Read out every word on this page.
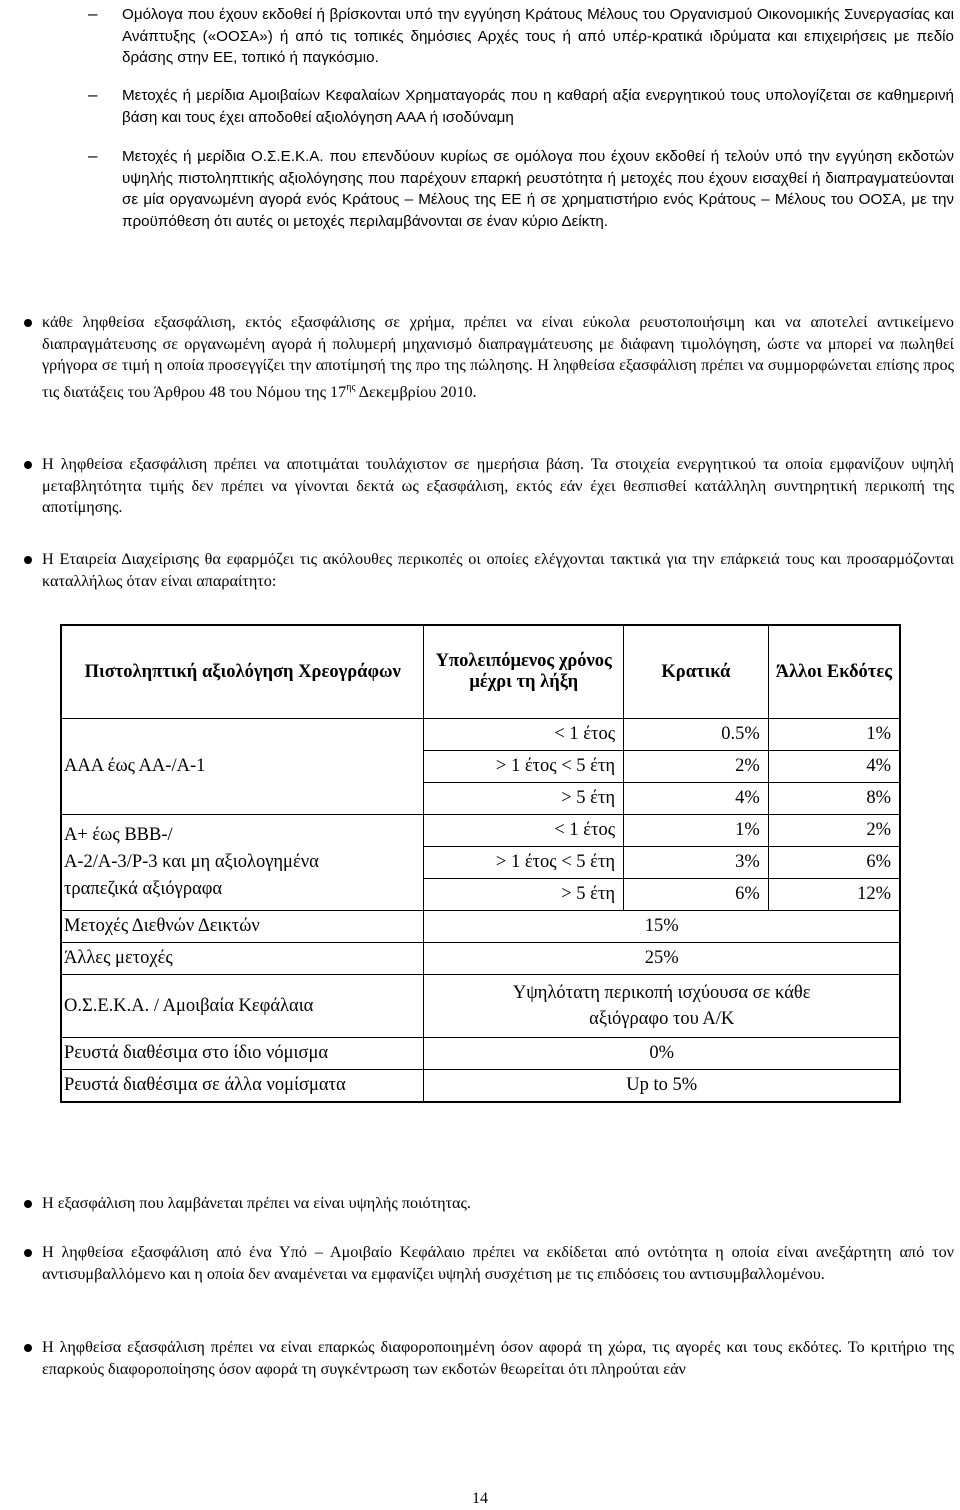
–	Ομόλογα που έχουν εκδοθεί ή βρίσκονται υπό την εγγύηση Κράτους Μέλους του Οργανισμού Οικονομικής Συνεργασίας και Ανάπτυξης («ΟΟΣΑ») ή από τις τοπικές δημόσιες Αρχές τους ή από υπέρ-κρατικά ιδρύματα και επιχειρήσεις με πεδίο δράσης στην ΕΕ, τοπικό ή παγκόσμιο.
–	Μετοχές ή μερίδια Αμοιβαίων Κεφαλαίων Χρηματαγοράς που η καθαρή αξία ενεργητικού τους υπολογίζεται σε καθημερινή βάση και τους έχει αποδοθεί αξιολόγηση ΑΑΑ ή ισοδύναμη
–	Μετοχές ή μερίδια Ο.Σ.Ε.Κ.Α. που επενδύουν κυρίως σε ομόλογα που έχουν εκδοθεί ή τελούν υπό την εγγύηση εκδοτών υψηλής πιστοληπτικής αξιολόγησης που παρέχουν επαρκή ρευστότητα ή μετοχές που έχουν εισαχθεί ή διαπραγματεύονται σε μία οργανωμένη αγορά ενός Κράτους – Μέλους της ΕΕ ή σε χρηματιστήριο ενός Κράτους – Μέλους του ΟΟΣΑ, με την προϋπόθεση ότι αυτές οι μετοχές περιλαμβάνονται σε έναν κύριο Δείκτη.
κάθε ληφθείσα εξασφάλιση, εκτός εξασφάλισης σε χρήμα, πρέπει να είναι εύκολα ρευστοποιήσιμη και να αποτελεί αντικείμενο διαπραγμάτευσης σε οργανωμένη αγορά ή πολυμερή μηχανισμό διαπραγμάτευσης με διάφανη τιμολόγηση, ώστε να μπορεί να πωληθεί γρήγορα σε τιμή η οποία προσεγγίζει την αποτίμησή της προ της πώλησης. Η ληφθείσα εξασφάλιση πρέπει να συμμορφώνεται επίσης προς τις διατάξεις του Άρθρου 48 του Νόμου της $17^{\eta\varsigma}$ Δεκεμβρίου 2010.
Η ληφθείσα εξασφάλιση πρέπει να αποτιμάται τουλάχιστον σε ημερήσια βάση. Τα στοιχεία ενεργητικού τα οποία εμφανίζουν υψηλή μεταβλητότητα τιμής δεν πρέπει να γίνονται δεκτά ως εξασφάλιση, εκτός εάν έχει θεσπισθεί κατάλληλη συντηρητική περικοπή της αποτίμησης.
Η Εταιρεία Διαχείρισης θα εφαρμόζει τις ακόλουθες περικοπές οι οποίες ελέγχονται τακτικά για την επάρκειά τους και προσαρμόζονται καταλλήλως όταν είναι απαραίτητο:
Πιστοληπτική αξιολόγηση Χρεογράφων	Υπολειπόμενος χρόνος μέχρι τη λήξη	Κρατικά	Άλλοι Εκδότες
ΑΑΑ έως ΑΑ-/Α-1	< 1 έτος	0.5%	1%
	> 1 έτος < 5 έτη	2%	4%
	> 5 έτη	4%	8%

Α+ έως ΒΒΒ-/
Α-2/Α-3/Ρ-3 και μη αξιολογημένα
τραπεζικά αξιόγραφα	< 1 έτος	1%	2%
	> 1 έτος < 5 έτη	3%	6%
	> 5 έτη	6%	12%
Μετοχές Διεθνών Δεικτών	15%		
Άλλες μετοχές	25%		
Ο.Σ.Ε.Κ.Α. / Αμοιβαία Κεφάλαια	Υψηλότατη περικοπή ισχύουσα σε κάθε αξιόγραφο του Α/Κ		
Ρευστά διαθέσιμα στο ίδιο νόμισμα	0%		
Ρευστά διαθέσιμα σε άλλα νομίσματα	Up to 5%		
Η εξασφάλιση που λαμβάνεται πρέπει να είναι υψηλής ποιότητας.
Η ληφθείσα εξασφάλιση από ένα Υπό – Αμοιβαίο Κεφάλαιο πρέπει να εκδίδεται από οντότητα η οποία είναι ανεξάρτητη από τον αντισυμβαλλόμενο και η οποία δεν αναμένεται να εμφανίζει υψηλή συσχέτιση με τις επιδόσεις του αντισυμβαλλομένου.
Η ληφθείσα εξασφάλιση πρέπει να είναι επαρκώς διαφοροποιημένη όσον αφορά τη χώρα, τις αγορές και τους εκδότες. Το κριτήριο της επαρκούς διαφοροποίησης όσον αφορά τη συγκέντρωση των εκδοτών θεωρείται ότι πληρούται εάν
14
